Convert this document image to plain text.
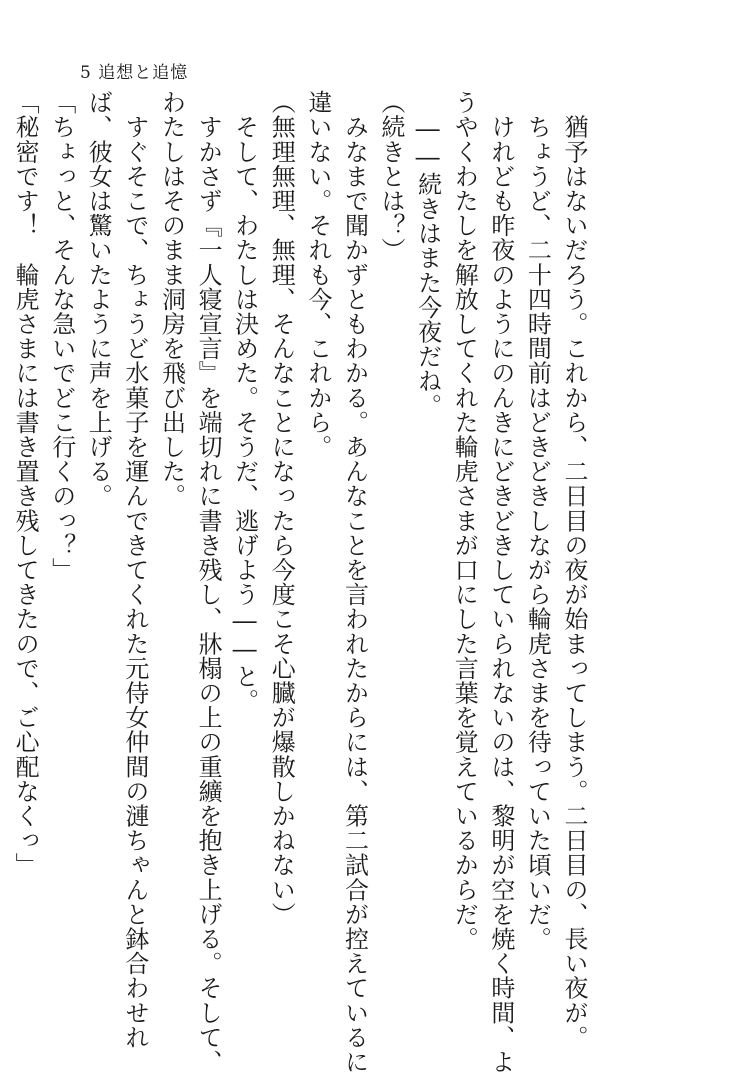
5 追想と追憶
　猶予はないだろう。これから、二日目の夜が始まってしまう。二日目の、長い夜が。
　ちょうど、二十四時間前はどきどきしながら輪虎さまを待っていた頃いだ。
　けれども昨夜のようにのんきにどきどきしていられないのは、黎明が空を焼く時間、よ
うやくわたしを解放してくれた輪虎さまが口にした言葉を覚えているからだ。
　――続きはまた今夜だね。
（続きとは？）
　みなまで聞かずともわかる。あんなことを言われたからには、第二試合が控えているに
違いない。それも今、これから。
（無理無理、無理、そんなことになったら今度こそ心臓が爆散しかねない）
　そして、わたしは決めた。そうだ、逃げよう――と。
　すかさず『一人寝宣言』を端切れに書き残し、牀榻の上の重纊を抱き上げる。そして、
わたしはそのまま洞房を飛び出した。
　すぐそこで、ちょうど水菓子を運んできてくれた元侍女仲間の漣ちゃんと鉢合わせれ
ば、彼女は驚いたように声を上げる。
「ちょっと、そんな急いでどこ行くのっ？」
「秘密です！　輪虎さまには書き置き残してきたので、ご心配なくっ」
